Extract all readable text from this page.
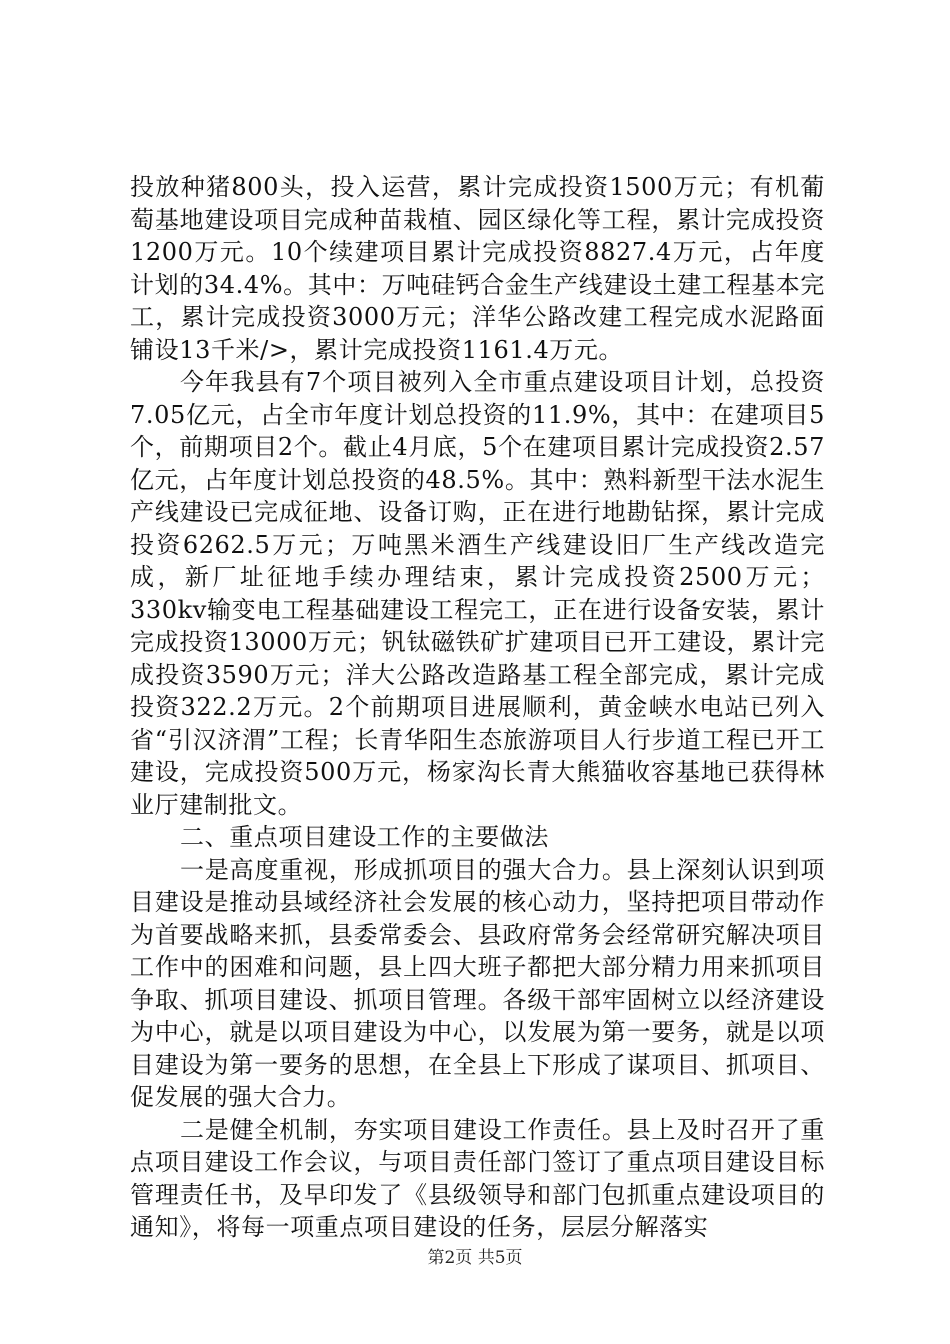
投放种猪800头，投入运营，累计完成投资1500万元；有机葡萄基地建设项目完成种苗栽植、园区绿化等工程，累计完成投资1200万元。10个续建项目累计完成投资8827.4万元，占年度计划的34.4%。其中：万吨硅钙合金生产线建设土建工程基本完工，累计完成投资3000万元；洋华公路改建工程完成水泥路面铺设13千米/>，累计完成投资1161.4万元。

今年我县有7个项目被列入全市重点建设项目计划，总投资7.05亿元，占全市年度计划总投资的11.9%，其中：在建项目5个，前期项目2个。截止4月底，5个在建项目累计完成投资2.57亿元，占年度计划总投资的48.5%。其中：熟料新型干法水泥生产线建设已完成征地、设备订购，正在进行地勘钻探，累计完成投资6262.5万元；万吨黑米酒生产线建设旧厂生产线改造完成，新厂址征地手续办理结束，累计完成投资2500万元；330kv输变电工程基础建设工程完工，正在进行设备安装，累计完成投资13000万元；钒钛磁铁矿扩建项目已开工建设，累计完成投资3590万元；洋大公路改造路基工程全部完成，累计完成投资322.2万元。2个前期项目进展顺利，黄金峡水电站已列入省“引汉济渭”工程；长青华阳生态旅游项目人行步道工程已开工建设，完成投资500万元，杨家沟长青大熊猫收容基地已获得林业厅建制批文。

二、重点项目建设工作的主要做法

一是高度重视，形成抓项目的强大合力。县上深刻认识到项目建设是推动县域经济社会发展的核心动力，坚持把项目带动作为首要战略来抓，县委常委会、县政府常务会经常研究解决项目工作中的困难和问题，县上四大班子都把大部分精力用来抓项目争取、抓项目建设、抓项目管理。各级干部牢固树立以经济建设为中心，就是以项目建设为中心，以发展为第一要务，就是以项目建设为第一要务的思想，在全县上下形成了谋项目、抓项目、促发展的强大合力。

二是健全机制，夯实项目建设工作责任。县上及时召开了重点项目建设工作会议，与项目责任部门签订了重点项目建设目标管理责任书，及早印发了《县级领导和部门包抓重点建设项目的通知》，将每一项重点项目建设的任务，层层分解落实

第2页 共5页
